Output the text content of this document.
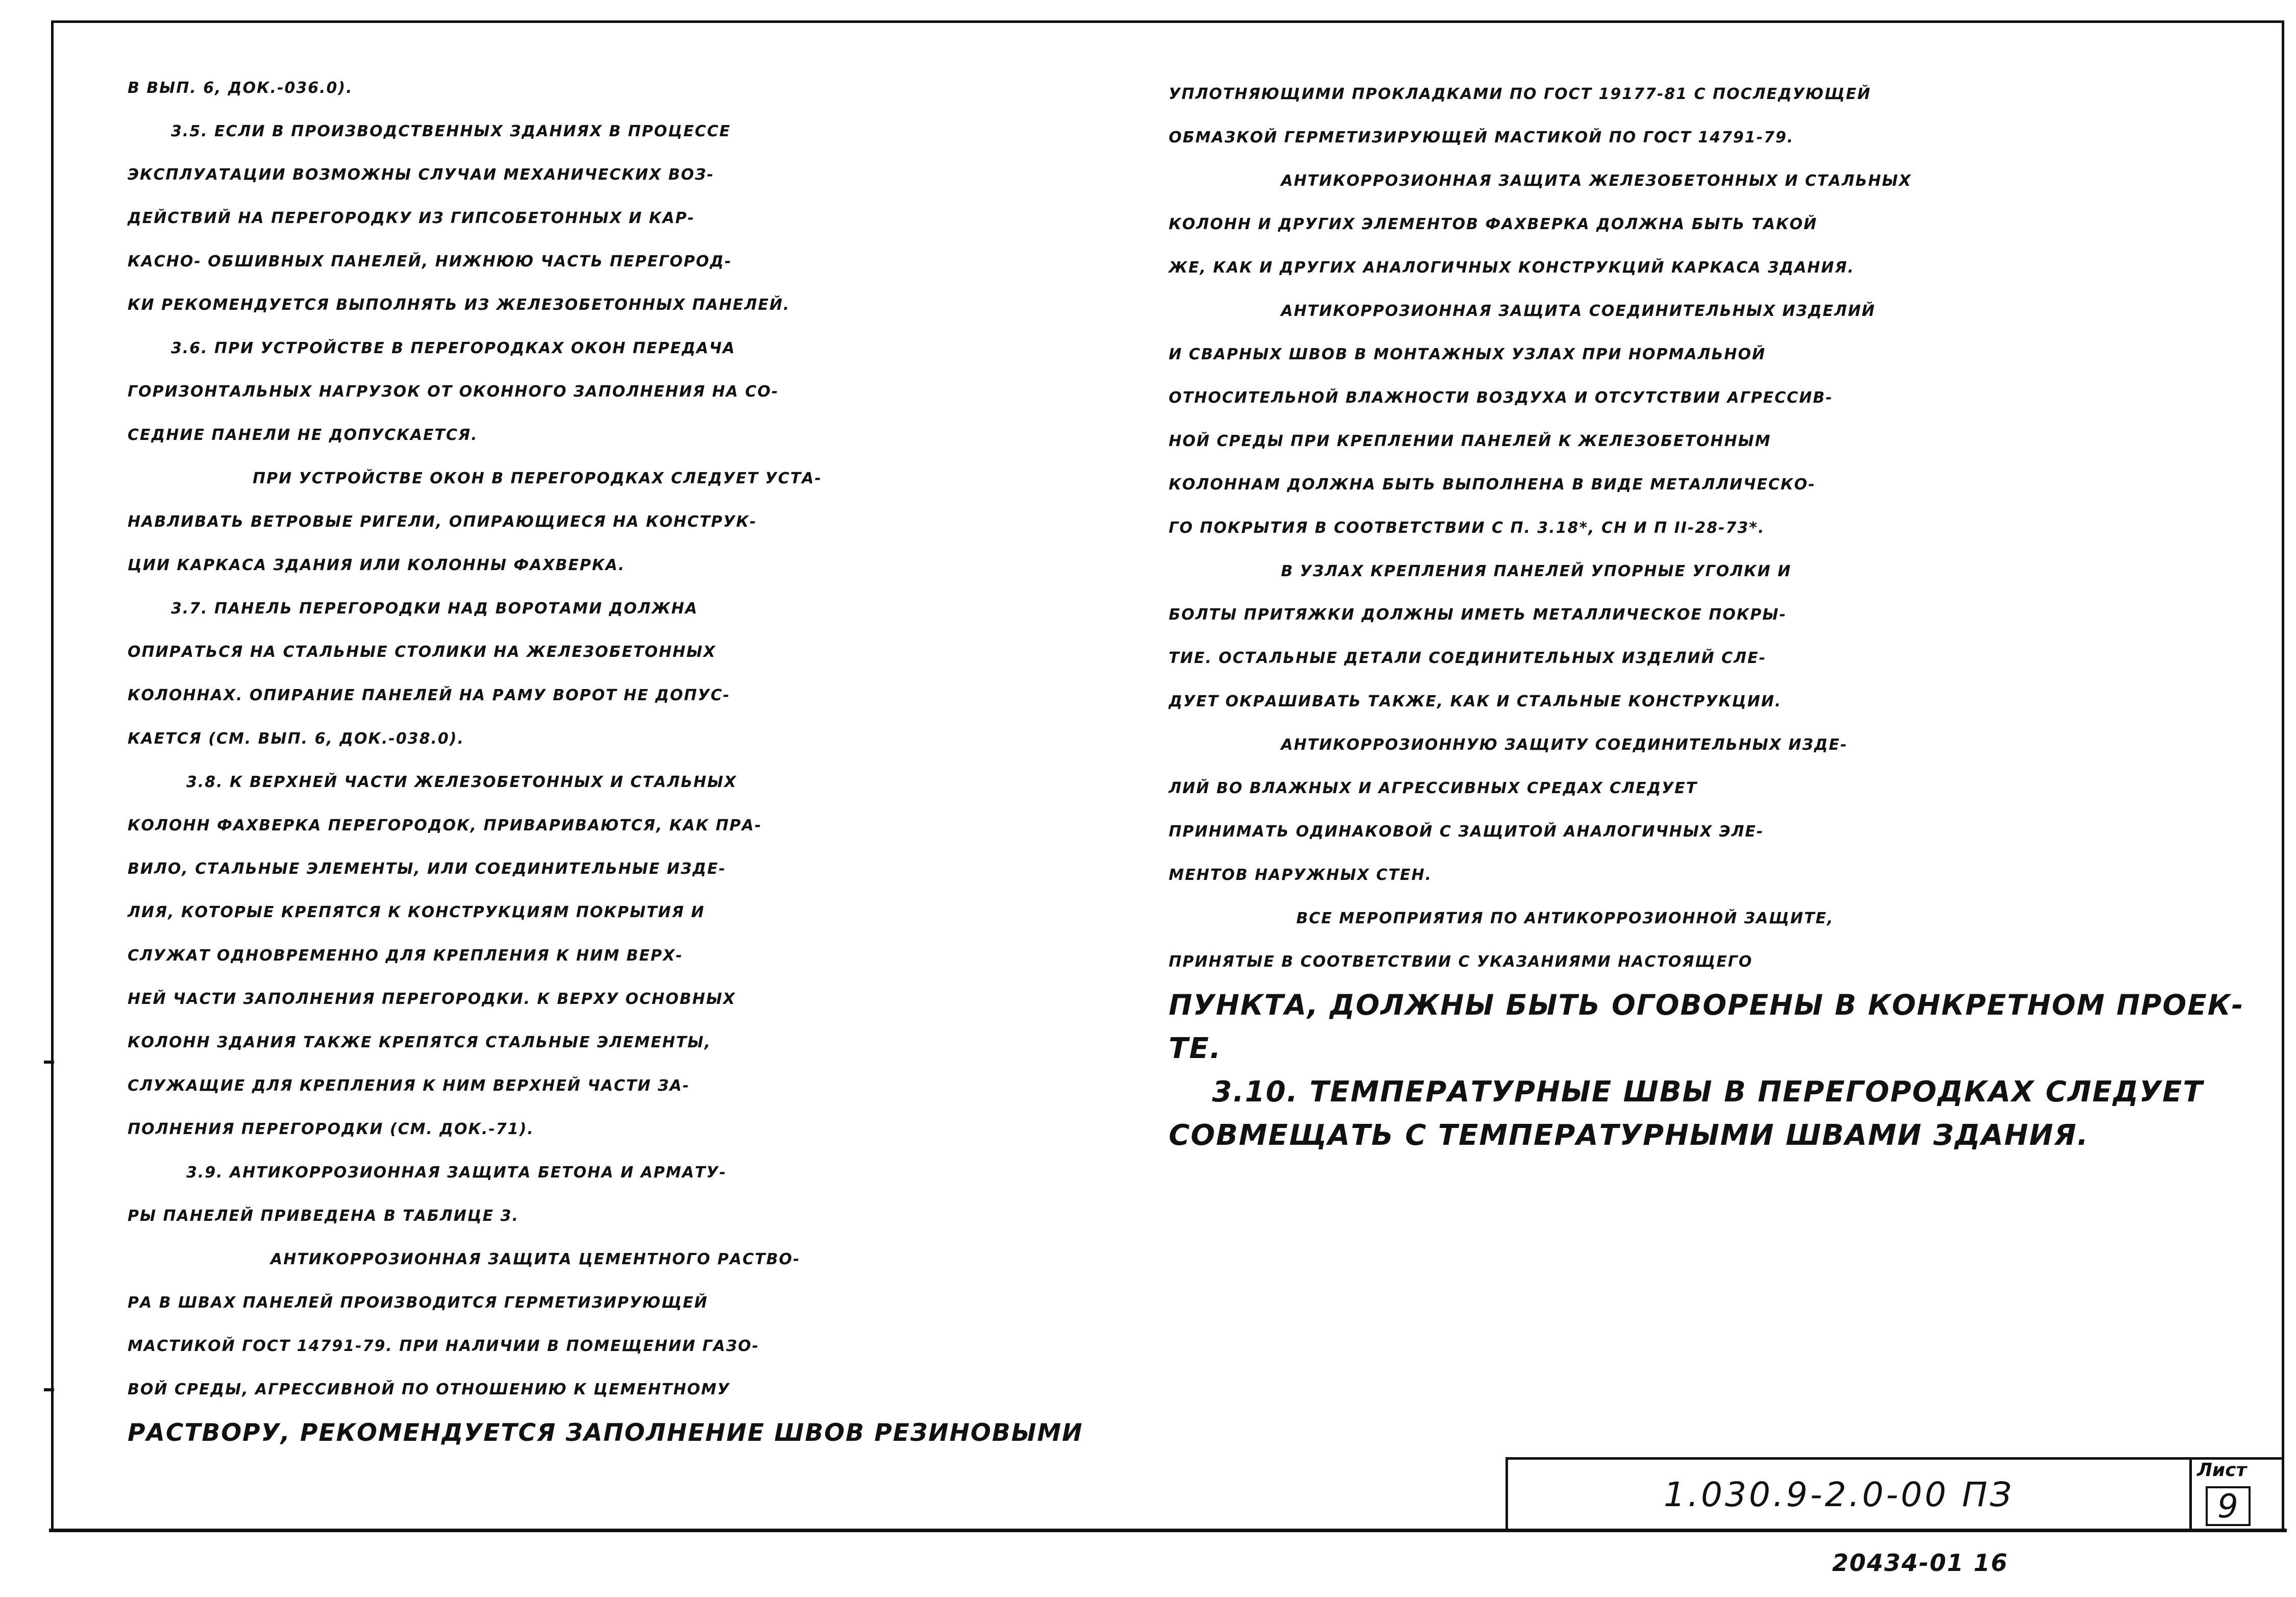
В ВЫП. 6, ДОК.-036.0).
3.5. ЕСЛИ В ПРОИЗВОДСТВЕННЫХ ЗДАНИЯХ В ПРОЦЕССЕ
ЭКСПЛУАТАЦИИ ВОЗМОЖНЫ СЛУЧАИ МЕХАНИЧЕСКИХ ВОЗ-
ДЕЙСТВИЙ НА ПЕРЕГОРОДКУ ИЗ ГИПСОБЕТОННЫХ И КАР-
КАСНО- ОБШИВНЫХ ПАНЕЛЕЙ, НИЖНЮЮ ЧАСТЬ ПЕРЕГОРОД-
КИ РЕКОМЕНДУЕТСЯ ВЫПОЛНЯТЬ ИЗ ЖЕЛЕЗОБЕТОННЫХ ПАНЕЛЕЙ.
3.6. ПРИ УСТРОЙСТВЕ В ПЕРЕГОРОДКАХ ОКОН ПЕРЕДАЧА
ГОРИЗОНТАЛЬНЫХ НАГРУЗОК ОТ ОКОННОГО ЗАПОЛНЕНИЯ НА СО-
СЕДНИЕ ПАНЕЛИ НЕ ДОПУСКАЕТСЯ.
ПРИ УСТРОЙСТВЕ ОКОН В ПЕРЕГОРОДКАХ СЛЕДУЕТ УСТА-
НАВЛИВАТЬ ВЕТРОВЫЕ РИГЕЛИ, ОПИРАЮЩИЕСЯ НА КОНСТРУК-
ЦИИ КАРКАСА ЗДАНИЯ ИЛИ КОЛОННЫ ФАХВЕРКА.
3.7. ПАНЕЛЬ ПЕРЕГОРОДКИ НАД ВОРОТАМИ ДОЛЖНА
ОПИРАТЬСЯ НА СТАЛЬНЫЕ СТОЛИКИ НА ЖЕЛЕЗОБЕТОННЫХ
КОЛОННАХ. ОПИРАНИЕ ПАНЕЛЕЙ НА РАМУ ВОРОТ НЕ ДОПУС-
КАЕТСЯ (СМ. ВЫП. 6, ДОК.-038.0).
3.8. К ВЕРХНЕЙ ЧАСТИ ЖЕЛЕЗОБЕТОННЫХ И СТАЛЬНЫХ
КОЛОНН ФАХВЕРКА ПЕРЕГОРОДОК, ПРИВАРИВАЮТСЯ, КАК ПРА-
ВИЛО, СТАЛЬНЫЕ ЭЛЕМЕНТЫ, ИЛИ СОЕДИНИТЕЛЬНЫЕ ИЗДЕ-
ЛИЯ, КОТОРЫЕ КРЕПЯТСЯ К КОНСТРУКЦИЯМ ПОКРЫТИЯ И
СЛУЖАТ ОДНОВРЕМЕННО ДЛЯ КРЕПЛЕНИЯ К НИМ ВЕРХ-
НЕЙ ЧАСТИ ЗАПОЛНЕНИЯ ПЕРЕГОРОДКИ. К ВЕРХУ ОСНОВНЫХ
КОЛОНН ЗДАНИЯ ТАКЖЕ КРЕПЯТСЯ СТАЛЬНЫЕ ЭЛЕМЕНТЫ,
СЛУЖАЩИЕ ДЛЯ КРЕПЛЕНИЯ К НИМ ВЕРХНЕЙ ЧАСТИ ЗА-
ПОЛНЕНИЯ ПЕРЕГОРОДКИ (СМ. ДОК.-71).
3.9. АНТИКОРРОЗИОННАЯ ЗАЩИТА БЕТОНА И АРМАТУ-
РЫ ПАНЕЛЕЙ ПРИВЕДЕНА В ТАБЛИЦЕ 3.
АНТИКОРРОЗИОННАЯ ЗАЩИТА ЦЕМЕНТНОГО РАСТВО-
РА В ШВАХ ПАНЕЛЕЙ ПРОИЗВОДИТСЯ ГЕРМЕТИЗИРУЮЩЕЙ
МАСТИКОЙ ГОСТ 14791-79. ПРИ НАЛИЧИИ В ПОМЕЩЕНИИ ГАЗО-
ВОЙ СРЕДЫ, АГРЕССИВНОЙ ПО ОТНОШЕНИЮ К ЦЕМЕНТНОМУ
РАСТВОРУ, РЕКОМЕНДУЕТСЯ ЗАПОЛНЕНИЕ ШВОВ РЕЗИНОВЫМИ
УПЛОТНЯЮЩИМИ ПРОКЛАДКАМИ ПО ГОСТ 19177-81 С ПОСЛЕДУЮЩЕЙ
ОБМАЗКОЙ ГЕРМЕТИЗИРУЮЩЕЙ МАСТИКОЙ ПО ГОСТ 14791-79.
АНТИКОРРОЗИОННАЯ ЗАЩИТА ЖЕЛЕЗОБЕТОННЫХ И СТАЛЬНЫХ
КОЛОНН И ДРУГИХ ЭЛЕМЕНТОВ ФАХВЕРКА ДОЛЖНА БЫТЬ ТАКОЙ
ЖЕ, КАК И ДРУГИХ АНАЛОГИЧНЫХ КОНСТРУКЦИЙ КАРКАСА ЗДАНИЯ.
АНТИКОРРОЗИОННАЯ ЗАЩИТА СОЕДИНИТЕЛЬНЫХ ИЗДЕЛИЙ
И СВАРНЫХ ШВОВ В МОНТАЖНЫХ УЗЛАХ ПРИ НОРМАЛЬНОЙ
ОТНОСИТЕЛЬНОЙ ВЛАЖНОСТИ ВОЗДУХА И ОТСУТСТВИИ АГРЕССИВ-
НОЙ СРЕДЫ ПРИ КРЕПЛЕНИИ ПАНЕЛЕЙ К ЖЕЛЕЗОБЕТОННЫМ
КОЛОННАМ ДОЛЖНА БЫТЬ ВЫПОЛНЕНА В ВИДЕ МЕТАЛЛИЧЕСКО-
ГО ПОКРЫТИЯ В СООТВЕТСТВИИ С П. 3.18*, СН И П II-28-73*.
В УЗЛАХ КРЕПЛЕНИЯ ПАНЕЛЕЙ УПОРНЫЕ УГОЛКИ И
БОЛТЫ ПРИТЯЖКИ ДОЛЖНЫ ИМЕТЬ МЕТАЛЛИЧЕСКОЕ ПОКРЫ-
ТИЕ. ОСТАЛЬНЫЕ ДЕТАЛИ СОЕДИНИТЕЛЬНЫХ ИЗДЕЛИЙ СЛЕ-
ДУЕТ ОКРАШИВАТЬ ТАКЖЕ, КАК И СТАЛЬНЫЕ КОНСТРУКЦИИ.
АНТИКОРРОЗИОННУЮ ЗАЩИТУ СОЕДИНИТЕЛЬНЫХ ИЗДЕ-
ЛИЙ ВО ВЛАЖНЫХ И АГРЕССИВНЫХ СРЕДАХ СЛЕДУЕТ
ПРИНИМАТЬ ОДИНАКОВОЙ С ЗАЩИТОЙ АНАЛОГИЧНЫХ ЭЛЕ-
МЕНТОВ НАРУЖНЫХ СТЕН.
ВСЕ МЕРОПРИЯТИЯ ПО АНТИКОРРОЗИОННОЙ ЗАЩИТЕ,
ПРИНЯТЫЕ В СООТВЕТСТВИИ С УКАЗАНИЯМИ НАСТОЯЩЕГО
ПУНКТА, ДОЛЖНЫ БЫТЬ ОГОВОРЕНЫ В КОНКРЕТНОМ ПРОЕК-
ТЕ.
3.10. ТЕМПЕРАТУРНЫЕ ШВЫ В ПЕРЕГОРОДКАХ СЛЕДУЕТ
СОВМЕЩАТЬ С ТЕМПЕРАТУРНЫМИ ШВАМИ ЗДАНИЯ.
1.030.9-2.0-00 ПЗ
Лист
9
20434-01 16
